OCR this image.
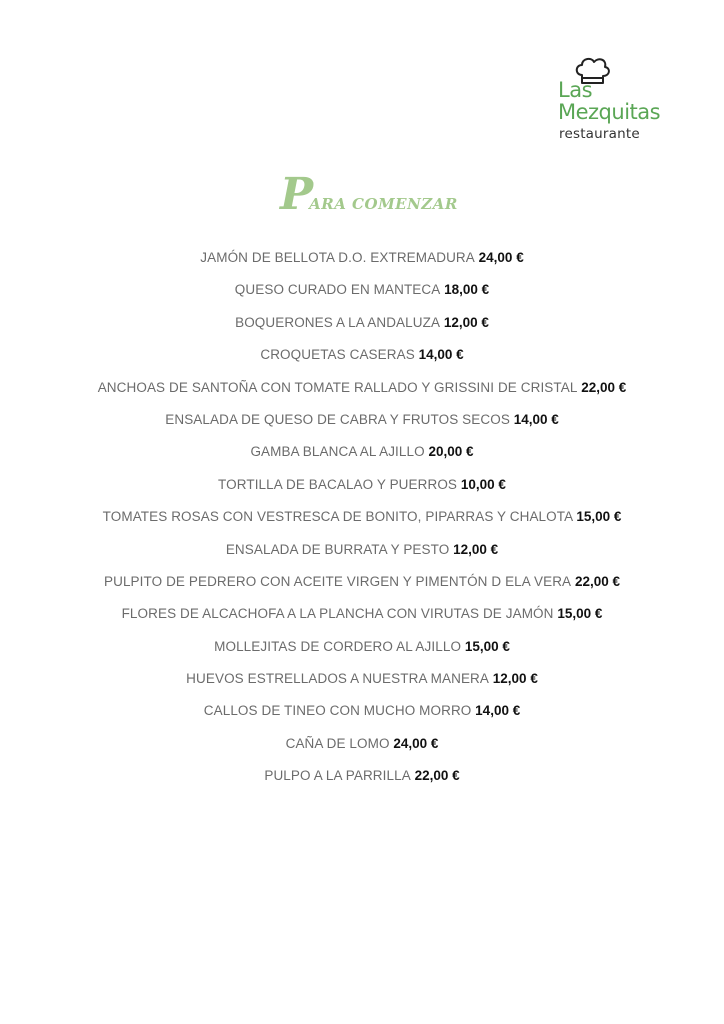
Las
Mezquitas
restaurante
PARA COMENZAR
JAMÓN DE BELLOTA D.O. EXTREMADURA 24,00 €
QUESO CURADO EN MANTECA 18,00 €
BOQUERONES A LA ANDALUZA 12,00 €
CROQUETAS CASERAS 14,00 €
ANCHOAS DE SANTOÑA CON TOMATE RALLADO Y GRISSINI DE CRISTAL 22,00 €
ENSALADA DE QUESO DE CABRA Y FRUTOS SECOS 14,00 €
GAMBA BLANCA AL AJILLO 20,00 €
TORTILLA DE BACALAO Y PUERROS 10,00 €
TOMATES ROSAS CON VESTRESCA DE BONITO, PIPARRAS Y CHALOTA 15,00 €
ENSALADA DE BURRATA Y PESTO 12,00 €
PULPITO DE PEDRERO CON ACEITE VIRGEN Y PIMENTÓN D ELA VERA 22,00 €
FLORES DE ALCACHOFA A LA PLANCHA CON VIRUTAS DE JAMÓN 15,00 €
MOLLEJITAS DE CORDERO AL AJILLO 15,00 €
HUEVOS ESTRELLADOS A NUESTRA MANERA 12,00 €
CALLOS DE TINEO CON MUCHO MORRO 14,00 €
CAÑA DE LOMO 24,00 €
PULPO A LA PARRILLA 22,00 €
